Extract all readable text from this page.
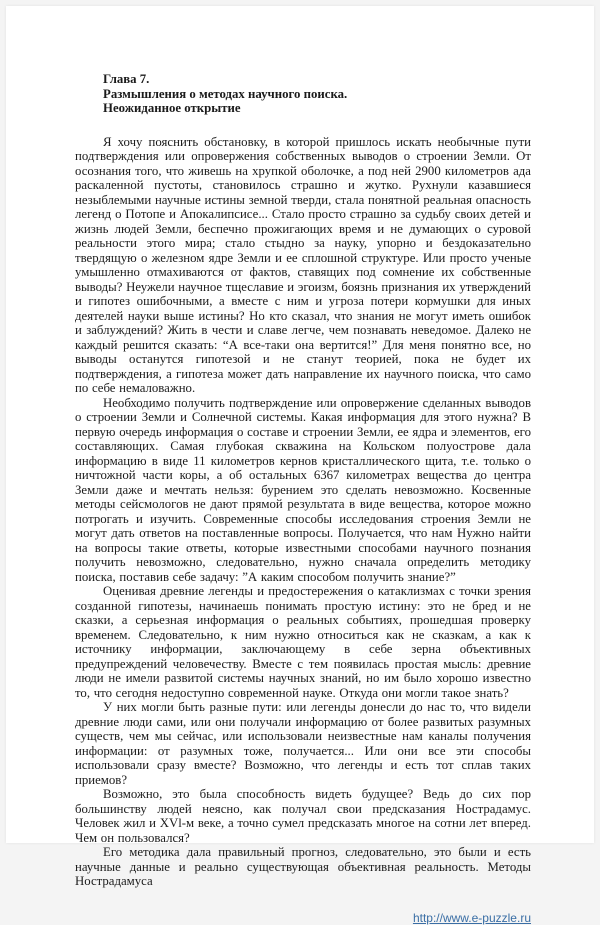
Глава 7.
Размышления о методах научного поиска.
Неожиданное открытие

Я хочу пояснить обстановку, в которой пришлось искать необычные пути подтверждения или опровержения собственных выводов о строении Земли. От осознания того, что живешь на хрупкой оболочке, а под ней 2900 километров ада раскаленной пустоты, становилось страшно и жутко. Рухнули казавшиеся незыблемыми научные истины земной тверди, стала понятной реальная опасность легенд о Потопе и Апокалипсисе... Стало просто страшно за судьбу своих детей и жизнь людей Земли, беспечно прожигающих время и не думающих о суровой реальности этого мира; стало стыдно за науку, упорно и бездоказательно твердящую о железном ядре Земли и ее сплошной структуре. Или просто ученые умышленно отмахиваются от фактов, ставящих под сомнение их собственные выводы? Неужели научное тщеславие и эгоизм, боязнь признания их утверждений и гипотез ошибочными, а вместе с ним и угроза потери кормушки для иных деятелей науки выше истины? Но кто сказал, что знания не могут иметь ошибок и заблуждений? Жить в чести и славе легче, чем познавать неведомое. Далеко не каждый решится сказать: “А все-таки она вертится!” Для меня понятно все, но выводы останутся гипотезой и не станут теорией, пока не будет их подтверждения, а гипотеза может дать направление их научного поиска, что само по себе немаловажно.

Необходимо получить подтверждение или опровержение сделанных выводов о строении Земли и Солнечной системы. Какая информация для этого нужна? В первую очередь информация о составе и строении Земли, ее ядра и элементов, его составляющих. Самая глубокая скважина на Кольском полуострове дала информацию в виде 11 километров кернов кристаллического щита, т.е. только о ничтожной части коры, а об остальных 6367 километрах вещества до центра Земли даже и мечтать нельзя: бурением это сделать невозможно. Косвенные методы сейсмологов не дают прямой результата в виде вещества, которое можно потрогать и изучить. Современные способы исследования строения Земли не могут дать ответов на поставленные вопросы. Получается, что нам Нужно найти на вопросы такие ответы, которые известными способами научного познания получить невозможно, следовательно, нужно сначала определить методику поиска, поставив себе задачу: ”А каким способом получить знание?”

Оценивая древние легенды и предостережения о катаклизмах с точки зрения созданной гипотезы, начинаешь понимать простую истину: это не бред и не сказки, а серьезная информация о реальных событиях, прошедшая проверку временем. Следовательно, к ним нужно относиться как не сказкам, а как к источнику информации, заключающему в себе зерна объективных предупреждений человечеству. Вместе с тем появилась простая мысль: древние люди не имели развитой системы научных знаний, но им было хорошо известно то, что сегодня недоступно современной науке. Откуда они могли такое знать?

У них могли быть разные пути: или легенды донесли до нас то, что видели древние люди сами, или они получали информацию от более развитых разумных существ, чем мы сейчас, или использовали неизвестные нам каналы получения информации: от разумных тоже, получается... Или они все эти способы использовали сразу вместе? Возможно, что легенды и есть тот сплав таких приемов?

Возможно, это была способность видеть будущее? Ведь до сих пор большинству людей неясно, как получал свои предсказания Нострадамус. Человек жил и XVl-м веке, а точно сумел предсказать многое на сотни лет вперед. Чем он пользовался?

Его методика дала правильный прогноз, следовательно, это были и есть научные данные и реально существующая объективная реальность. Методы Нострадамуса

http://www.e-puzzle.ru
